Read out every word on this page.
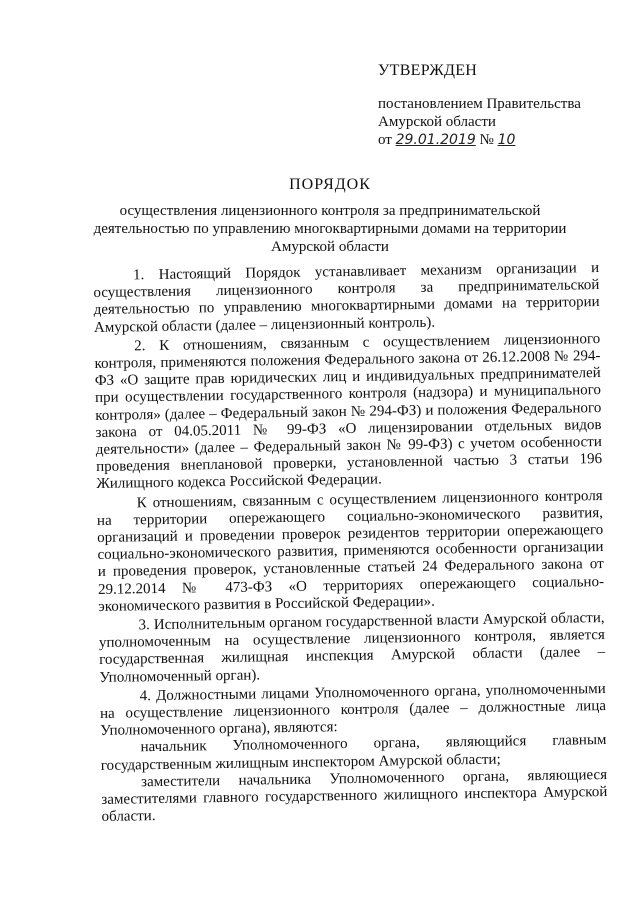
УТВЕРЖДЕН
постановлением Правительства
Амурской области
от 29.01.2019 № 10
ПОРЯДОК
осуществления лицензионного контроля за предпринимательской
деятельностью по управлению многоквартирными домами на территории
Амурской области

1. Настоящий Порядок устанавливает механизм организации и осуществления лицензионного контроля за предпринимательской деятельностью по управлению многоквартирными домами на территории Амурской области (далее – лицензионный контроль).

2. К отношениям, связанным с осуществлением лицензионного контроля, применяются положения Федерального закона от 26.12.2008 № 294-ФЗ «О защите прав юридических лиц и индивидуальных предпринимателей при осуществлении государственного контроля (надзора) и муниципального контроля» (далее – Федеральный закон № 294-ФЗ) и положения Федерального закона от 04.05.2011 № 99-ФЗ «О лицензировании отдельных видов деятельности» (далее – Федеральный закон № 99-ФЗ) с учетом особенности проведения внеплановой проверки, установленной частью 3 статьи 196 Жилищного кодекса Российской Федерации.

К отношениям, связанным с осуществлением лицензионного контроля на территории опережающего социально-экономического развития, организаций и проведении проверок резидентов территории опережающего социально-экономического развития, применяются особенности организации и проведения проверок, установленные статьей 24 Федерального закона от 29.12.2014 № 473-ФЗ «О территориях опережающего социально-экономического развития в Российской Федерации».

3. Исполнительным органом государственной власти Амурской области, уполномоченным на осуществление лицензионного контроля, является государственная жилищная инспекция Амурской области (далее – Уполномоченный орган).

4. Должностными лицами Уполномоченного органа, уполномоченными на осуществление лицензионного контроля (далее – должностные лица Уполномоченного органа), являются:

начальник Уполномоченного органа, являющийся главным государственным жилищным инспектором Амурской области;

заместители начальника Уполномоченного органа, являющиеся заместителями главного государственного жилищного инспектора Амурской области.
